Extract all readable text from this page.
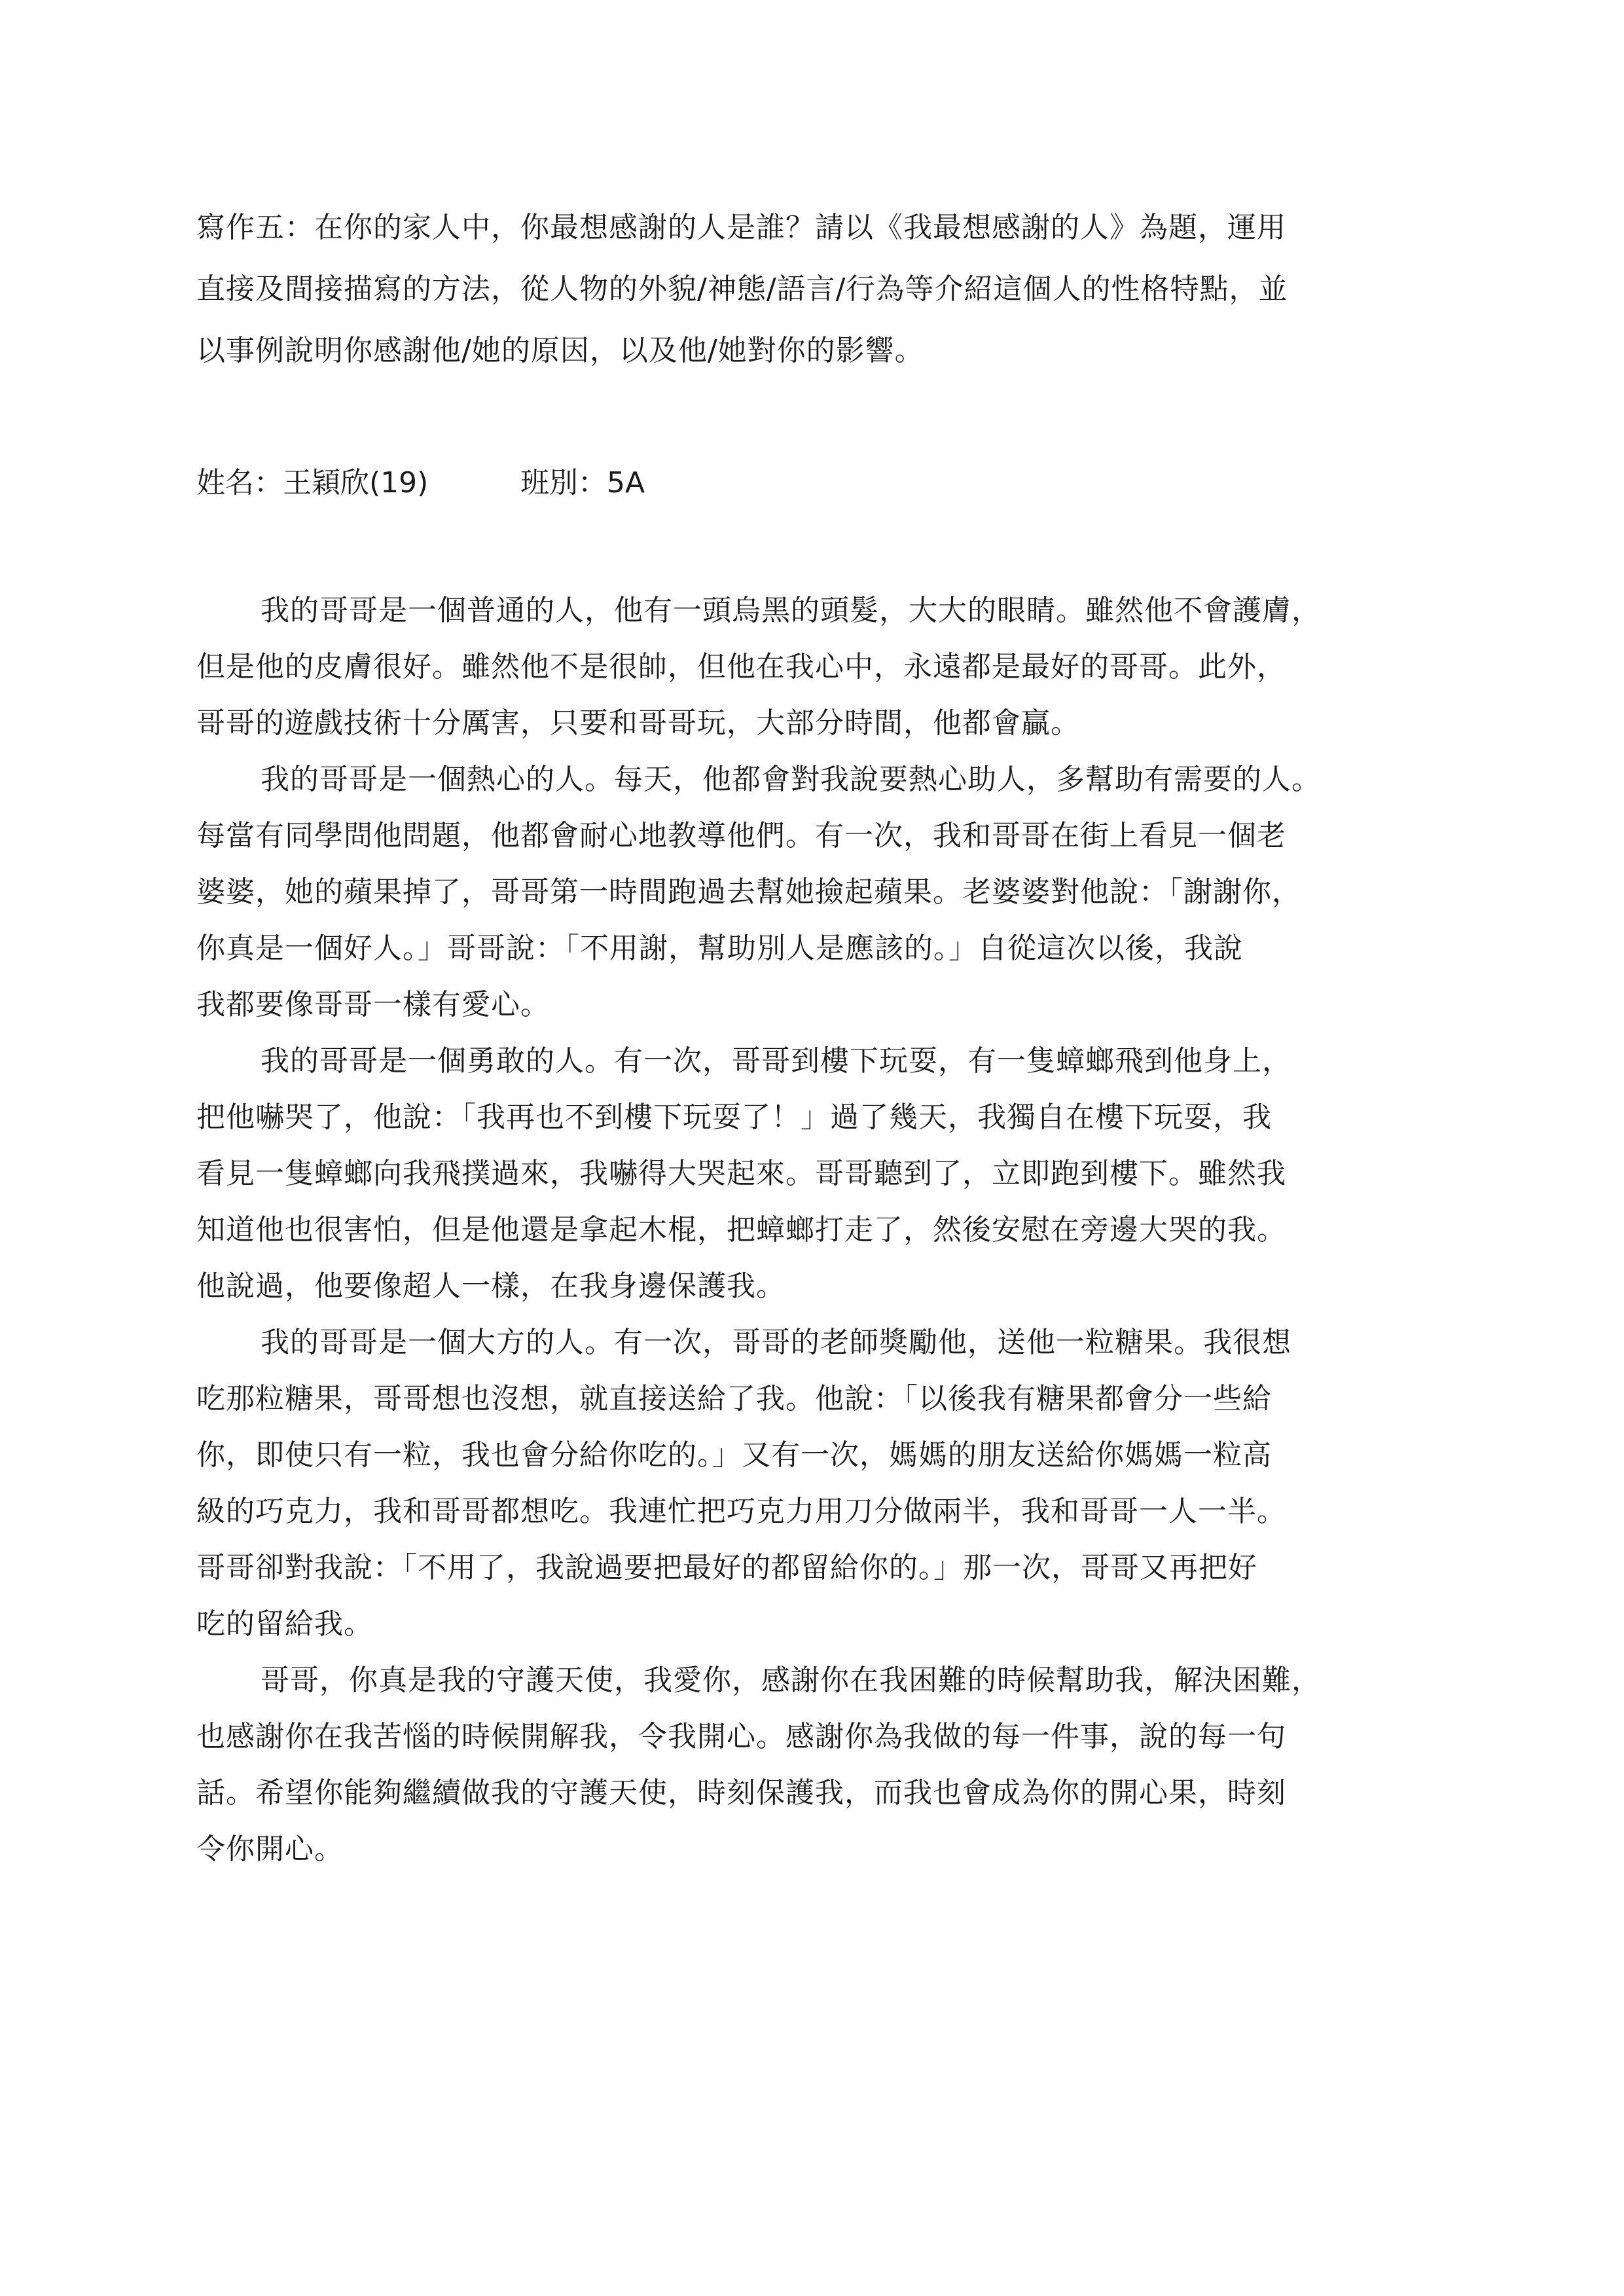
寫作五：在你的家人中，你最想感謝的人是誰？請以《我最想感謝的人》為題，運用
直接及間接描寫的方法，從人物的外貌/神態/語言/行為等介紹這個人的性格特點，並
以事例說明你感謝他/她的原因，以及他/她對你的影響。
姓名：王穎欣(19)	班別：5A
我的哥哥是一個普通的人，他有一頭烏黑的頭髮，大大的眼睛。雖然他不會護膚，
但是他的皮膚很好。雖然他不是很帥，但他在我心中，永遠都是最好的哥哥。此外，
哥哥的遊戲技術十分厲害，只要和哥哥玩，大部分時間，他都會贏。
我的哥哥是一個熱心的人。每天，他都會對我說要熱心助人，多幫助有需要的人。
每當有同學問他問題，他都會耐心地教導他們。有一次，我和哥哥在街上看見一個老
婆婆，她的蘋果掉了，哥哥第一時間跑過去幫她撿起蘋果。老婆婆對他說：「謝謝你，
你真是一個好人。」哥哥說：「不用謝，幫助別人是應該的。」自從這次以後，我說
我都要像哥哥一樣有愛心。
我的哥哥是一個勇敢的人。有一次，哥哥到樓下玩耍，有一隻蟑螂飛到他身上，
把他嚇哭了，他說：「我再也不到樓下玩耍了！」過了幾天，我獨自在樓下玩耍，我
看見一隻蟑螂向我飛撲過來，我嚇得大哭起來。哥哥聽到了，立即跑到樓下。雖然我
知道他也很害怕，但是他還是拿起木棍，把蟑螂打走了，然後安慰在旁邊大哭的我。
他說過，他要像超人一樣，在我身邊保護我。
我的哥哥是一個大方的人。有一次，哥哥的老師獎勵他，送他一粒糖果。我很想
吃那粒糖果，哥哥想也沒想，就直接送給了我。他說：「以後我有糖果都會分一些給
你，即使只有一粒，我也會分給你吃的。」又有一次，媽媽的朋友送給你媽媽一粒高
級的巧克力，我和哥哥都想吃。我連忙把巧克力用刀分做兩半，我和哥哥一人一半。
哥哥卻對我說：「不用了，我說過要把最好的都留給你的。」那一次，哥哥又再把好
吃的留給我。
哥哥，你真是我的守護天使，我愛你，感謝你在我困難的時候幫助我，解決困難，
也感謝你在我苦惱的時候開解我，令我開心。感謝你為我做的每一件事，說的每一句
話。希望你能夠繼續做我的守護天使，時刻保護我，而我也會成為你的開心果，時刻
令你開心。
